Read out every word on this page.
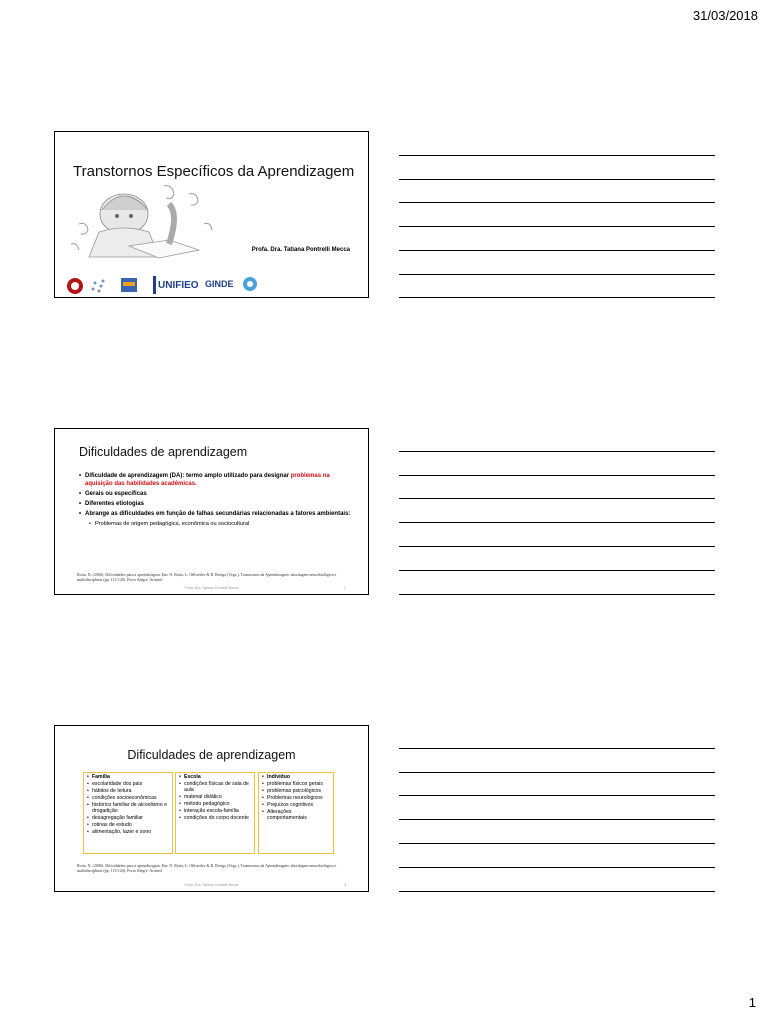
31/03/2018
Transtornos Específicos da Aprendizagem
Profa. Dra. Tatiana Pontrelli Mecca
UNIFIEO GINDE
Dificuldades de aprendizagem
• Dificuldade de aprendizagem (DA): termo amplo utilizado para designar problemas na aquisição das habilidades acadêmicas.
• Gerais ou específicas
• Diferentes etiologias
• Abrange as dificuldades em função de falhas secundárias relacionadas a fatores ambientais:
• Problemas de origem pedagógica, econômica ou sociocultural
Rotta, N. (2006). Dificuldades para a aprendizagem. Em: N. Rotta, L. Ohlweiler & R. Riesgo (Orgs.), Transtornos da Aprendizagem: abordagem neurobiológica e multidisciplinar (pp. 113-126). Porto Alegre: Artmed.
Profa. Dra. Tatiana Pontrelli Mecca	2
Dificuldades de aprendizagem
• Família
• escolaridade dos pais
• hábitos de leitura
• condições socioeconômicas
• histórico familiar de alcoolismo e drogadição
• desagregação familiar
• rotinas de estudo
• alimentação, lazer e sono
• Escola
• condições físicas de sala de aula
• material didático
• método pedagógico
• interação escola-família
• condições do corpo docente
• Indivíduo
• problemas físicos gerais
• problemas psicológicos
• Problemas neurológicos
• Prejuízos cognitivos
• Alterações comportamentais
Rotta, N. (2006). Dificuldades para a aprendizagem. Em: N. Rotta, L. Ohlweiler & R. Riesgo (Orgs.), Transtornos da Aprendizagem: abordagem neurobiológica e multidisciplinar (pp. 113-126). Porto Alegre: Artmed.
Profa. Dra. Tatiana Pontrelli Mecca	3
1
